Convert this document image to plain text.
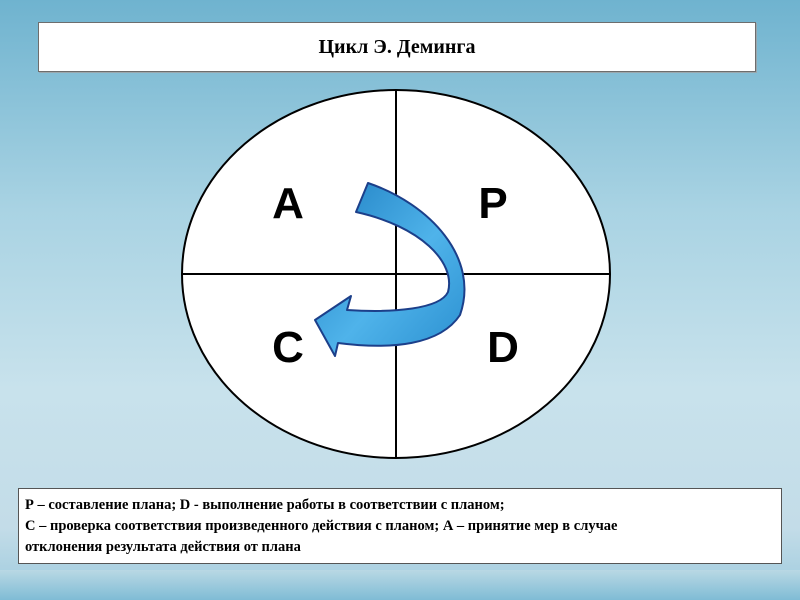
Цикл Э. Деминга
A	P
C	D
Р – составление плана; D - выполнение работы в соответствии с планом;
С – проверка соответствия произведенного действия с планом; А – принятие мер в случае
отклонения результата действия от плана
